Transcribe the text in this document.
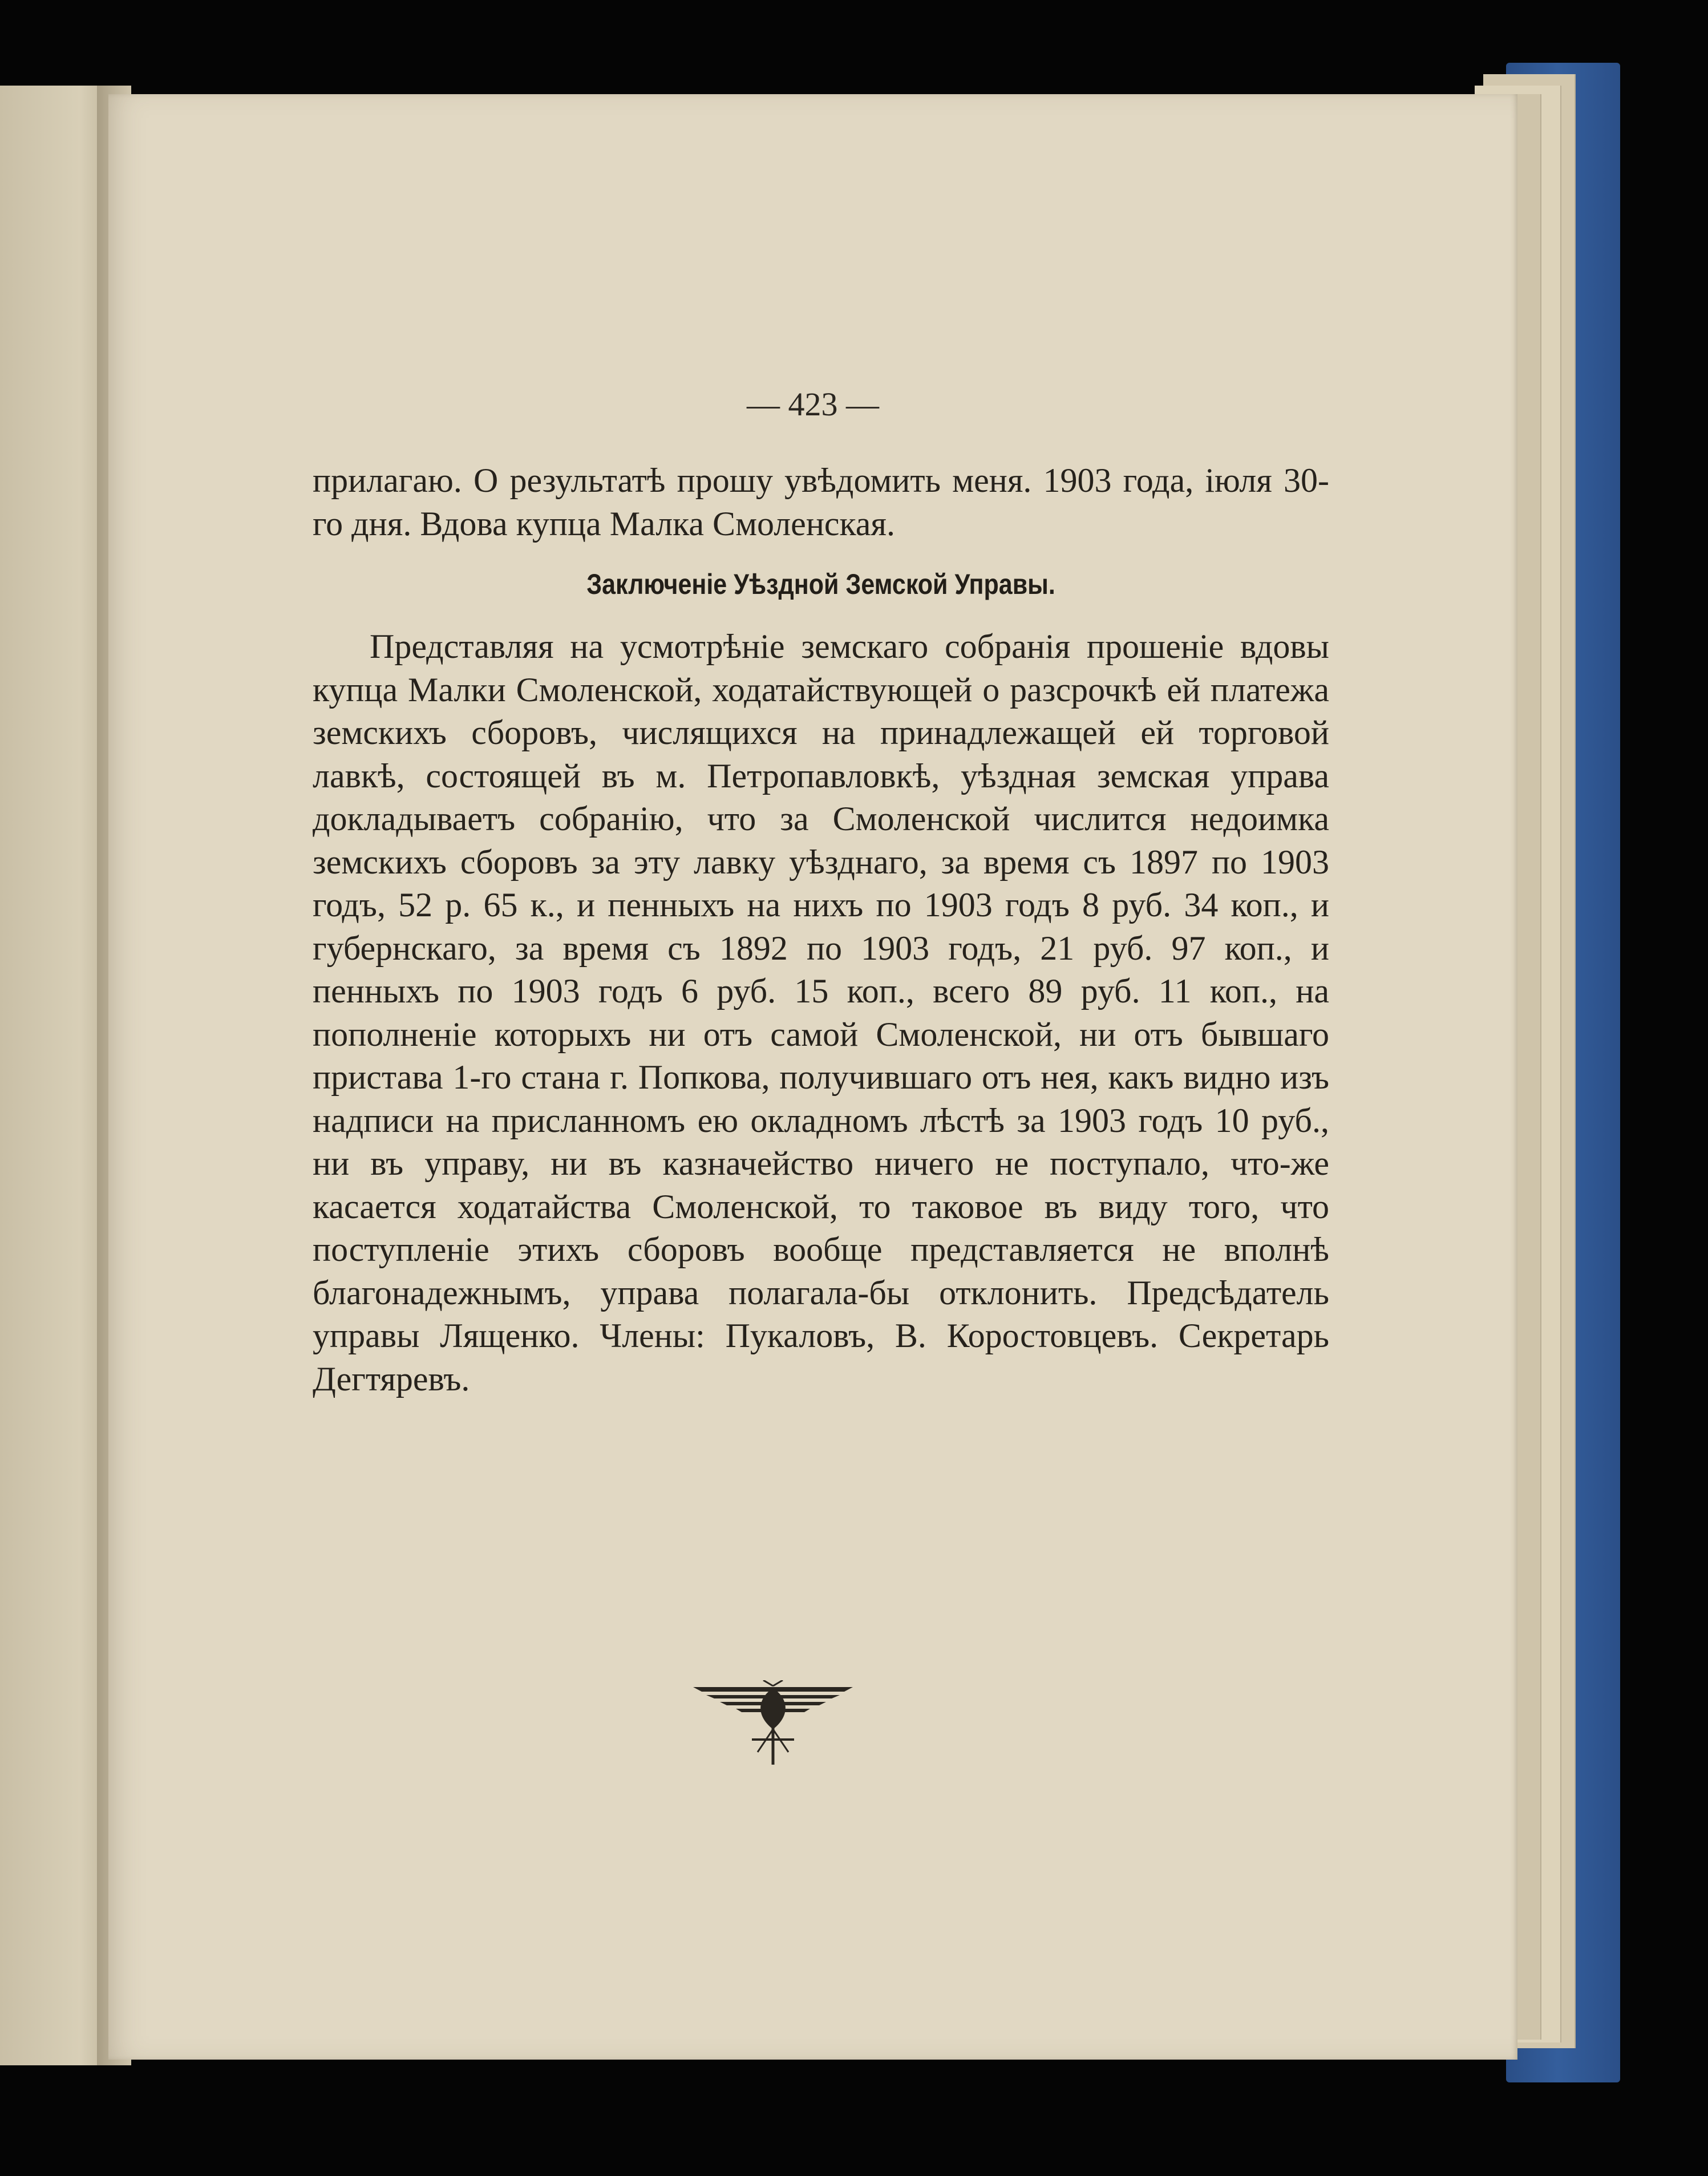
— 423 —

прилагаю. О результатѣ прошу увѣдомить меня. 1903 года, іюля 30-го дня. Вдова купца Малка Смоленская.

Заключеніе Уѣздной Земской Управы.

Представляя на усмотрѣніе земскаго собранія прошеніе вдовы купца Малки Смоленской, ходатайствующей о разсрочкѣ ей платежа земскихъ сборовъ, числящихся на принадлежащей ей торговой лавкѣ, состоящей въ м. Петропавловкѣ, уѣздная земская управа докладываетъ собранію, что за Смоленской числится недоимка земскихъ сборовъ за эту лавку уѣзднаго, за время съ 1897 по 1903 годъ, 52 р. 65 к., и пенныхъ на нихъ по 1903 годъ 8 руб. 34 коп., и губернскаго, за время съ 1892 по 1903 годъ, 21 руб. 97 коп., и пенныхъ по 1903 годъ 6 руб. 15 коп., всего 89 руб. 11 коп., на пополненіе которыхъ ни отъ самой Смоленской, ни отъ бывшаго пристава 1-го стана г. Попкова, получившаго отъ нея, какъ видно изъ надписи на присланномъ ею окладномъ лѣстѣ за 1903 годъ 10 руб., ни въ управу, ни въ казначейство ничего не поступало, что-же касается ходатайства Смоленской, то таковое въ виду того, что поступленіе этихъ сборовъ вообще представляется не вполнѣ благонадежнымъ, управа полагала-бы отклонить. Предсѣдатель управы Лященко. Члены: Пукаловъ, В. Коростовцевъ. Секретарь Дегтяревъ.
